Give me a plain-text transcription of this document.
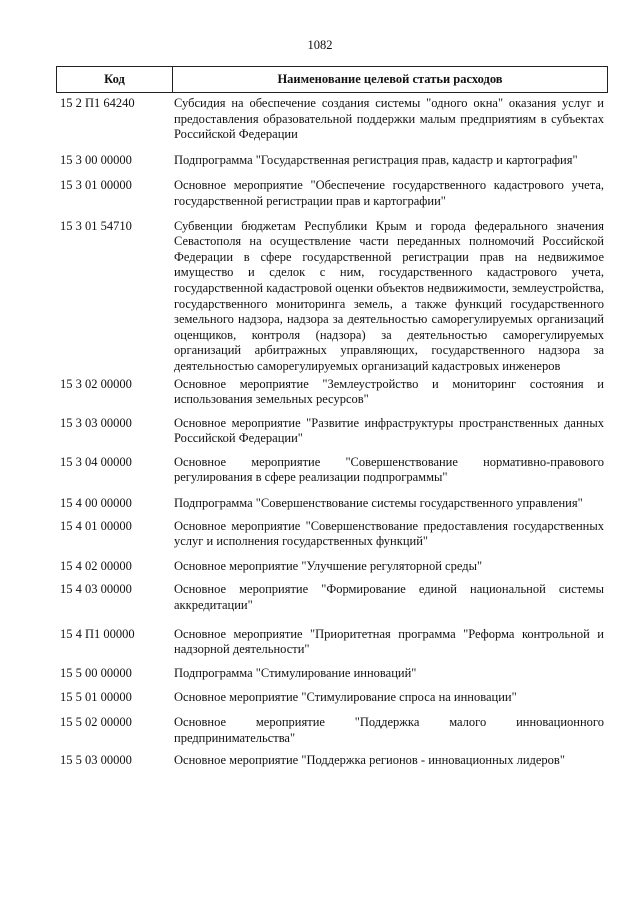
1082
Код	Наименование целевой статьи расходов
15 2 П1 64240	Субсидия на обеспечение создания системы "одного окна" оказания услуг и предоставления образовательной поддержки малым предприятиям в субъектах Российской Федерации
15 3 00 00000	Подпрограмма "Государственная регистрация прав, кадастр и картография"
15 3 01 00000	Основное мероприятие "Обеспечение государственного кадастрового учета, государственной регистрации прав и картографии"
15 3 01 54710	Субвенции бюджетам Республики Крым и города федерального значения Севастополя на осуществление части переданных полномочий Российской Федерации в сфере государственной регистрации прав на недвижимое имущество и сделок с ним, государственного кадастрового учета, государственной кадастровой оценки объектов недвижимости, землеустройства, государственного мониторинга земель, а также функций государственного земельного надзора, надзора за деятельностью саморегулируемых организаций оценщиков, контроля (надзора) за деятельностью саморегулируемых организаций арбитражных управляющих, государственного надзора за деятельностью саморегулируемых организаций кадастровых инженеров
15 3 02 00000	Основное мероприятие "Землеустройство и мониторинг состояния и использования земельных ресурсов"
15 3 03 00000	Основное мероприятие "Развитие инфраструктуры пространственных данных Российской Федерации"
15 3 04 00000	Основное мероприятие "Совершенствование нормативно-правового регулирования в сфере реализации подпрограммы"
15 4 00 00000	Подпрограмма "Совершенствование системы государственного управления"
15 4 01 00000	Основное мероприятие "Совершенствование предоставления государственных услуг и исполнения государственных функций"
15 4 02 00000	Основное мероприятие "Улучшение регуляторной среды"
15 4 03 00000	Основное мероприятие "Формирование единой национальной системы аккредитации"
15 4 П1 00000	Основное мероприятие "Приоритетная программа "Реформа контрольной и надзорной деятельности"
15 5 00 00000	Подпрограмма "Стимулирование инноваций"
15 5 01 00000	Основное мероприятие "Стимулирование спроса на инновации"
15 5 02 00000	Основное мероприятие "Поддержка малого инновационного предпринимательства"
15 5 03 00000	Основное мероприятие "Поддержка регионов - инновационных лидеров"
